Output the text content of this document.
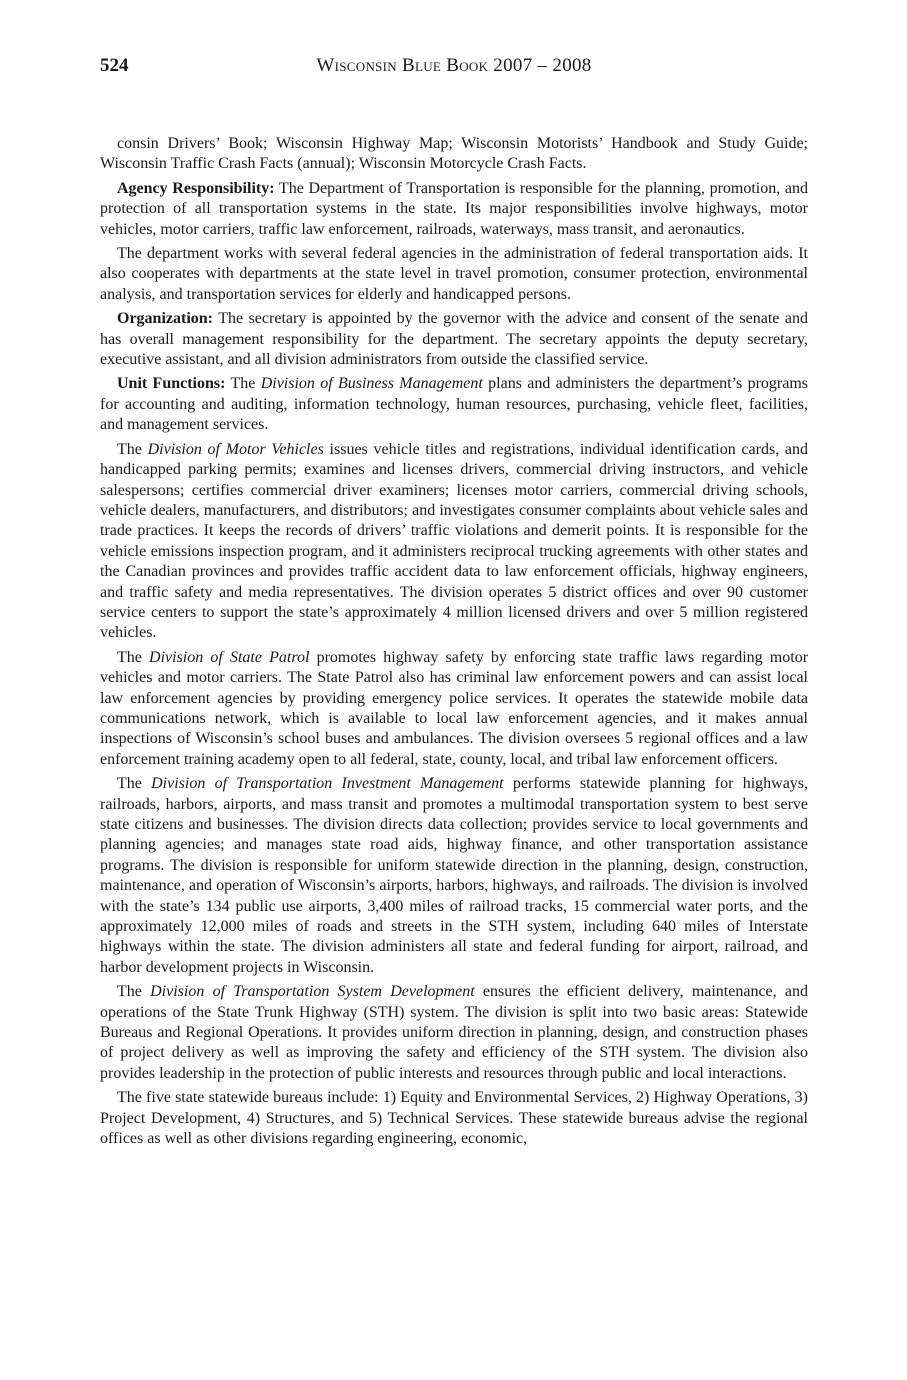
524	Wisconsin Blue Book 2007 – 2008

consin Drivers’ Book; Wisconsin Highway Map; Wisconsin Motorists’ Handbook and Study Guide; Wisconsin Traffic Crash Facts (annual); Wisconsin Motorcycle Crash Facts.

Agency Responsibility: The Department of Transportation is responsible for the planning, promotion, and protection of all transportation systems in the state. Its major responsibilities involve highways, motor vehicles, motor carriers, traffic law enforcement, railroads, waterways, mass transit, and aeronautics.

The department works with several federal agencies in the administration of federal transportation aids. It also cooperates with departments at the state level in travel promotion, consumer protection, environmental analysis, and transportation services for elderly and handicapped persons.

Organization: The secretary is appointed by the governor with the advice and consent of the senate and has overall management responsibility for the department. The secretary appoints the deputy secretary, executive assistant, and all division administrators from outside the classified service.

Unit Functions: The Division of Business Management plans and administers the department’s programs for accounting and auditing, information technology, human resources, purchasing, vehicle fleet, facilities, and management services.

The Division of Motor Vehicles issues vehicle titles and registrations, individual identification cards, and handicapped parking permits; examines and licenses drivers, commercial driving instructors, and vehicle salespersons; certifies commercial driver examiners; licenses motor carriers, commercial driving schools, vehicle dealers, manufacturers, and distributors; and investigates consumer complaints about vehicle sales and trade practices. It keeps the records of drivers’ traffic violations and demerit points. It is responsible for the vehicle emissions inspection program, and it administers reciprocal trucking agreements with other states and the Canadian provinces and provides traffic accident data to law enforcement officials, highway engineers, and traffic safety and media representatives. The division operates 5 district offices and over 90 customer service centers to support the state’s approximately 4 million licensed drivers and over 5 million registered vehicles.

The Division of State Patrol promotes highway safety by enforcing state traffic laws regarding motor vehicles and motor carriers. The State Patrol also has criminal law enforcement powers and can assist local law enforcement agencies by providing emergency police services. It operates the statewide mobile data communications network, which is available to local law enforcement agencies, and it makes annual inspections of Wisconsin’s school buses and ambulances. The division oversees 5 regional offices and a law enforcement training academy open to all federal, state, county, local, and tribal law enforcement officers.

The Division of Transportation Investment Management performs statewide planning for highways, railroads, harbors, airports, and mass transit and promotes a multimodal transportation system to best serve state citizens and businesses. The division directs data collection; provides service to local governments and planning agencies; and manages state road aids, highway finance, and other transportation assistance programs. The division is responsible for uniform statewide direction in the planning, design, construction, maintenance, and operation of Wisconsin’s airports, harbors, highways, and railroads. The division is involved with the state’s 134 public use airports, 3,400 miles of railroad tracks, 15 commercial water ports, and the approximately 12,000 miles of roads and streets in the STH system, including 640 miles of Interstate highways within the state. The division administers all state and federal funding for airport, railroad, and harbor development projects in Wisconsin.

The Division of Transportation System Development ensures the efficient delivery, maintenance, and operations of the State Trunk Highway (STH) system. The division is split into two basic areas: Statewide Bureaus and Regional Operations. It provides uniform direction in planning, design, and construction phases of project delivery as well as improving the safety and efficiency of the STH system. The division also provides leadership in the protection of public interests and resources through public and local interactions.

The five state statewide bureaus include: 1) Equity and Environmental Services, 2) Highway Operations, 3) Project Development, 4) Structures, and 5) Technical Services. These statewide bureaus advise the regional offices as well as other divisions regarding engineering, economic,
